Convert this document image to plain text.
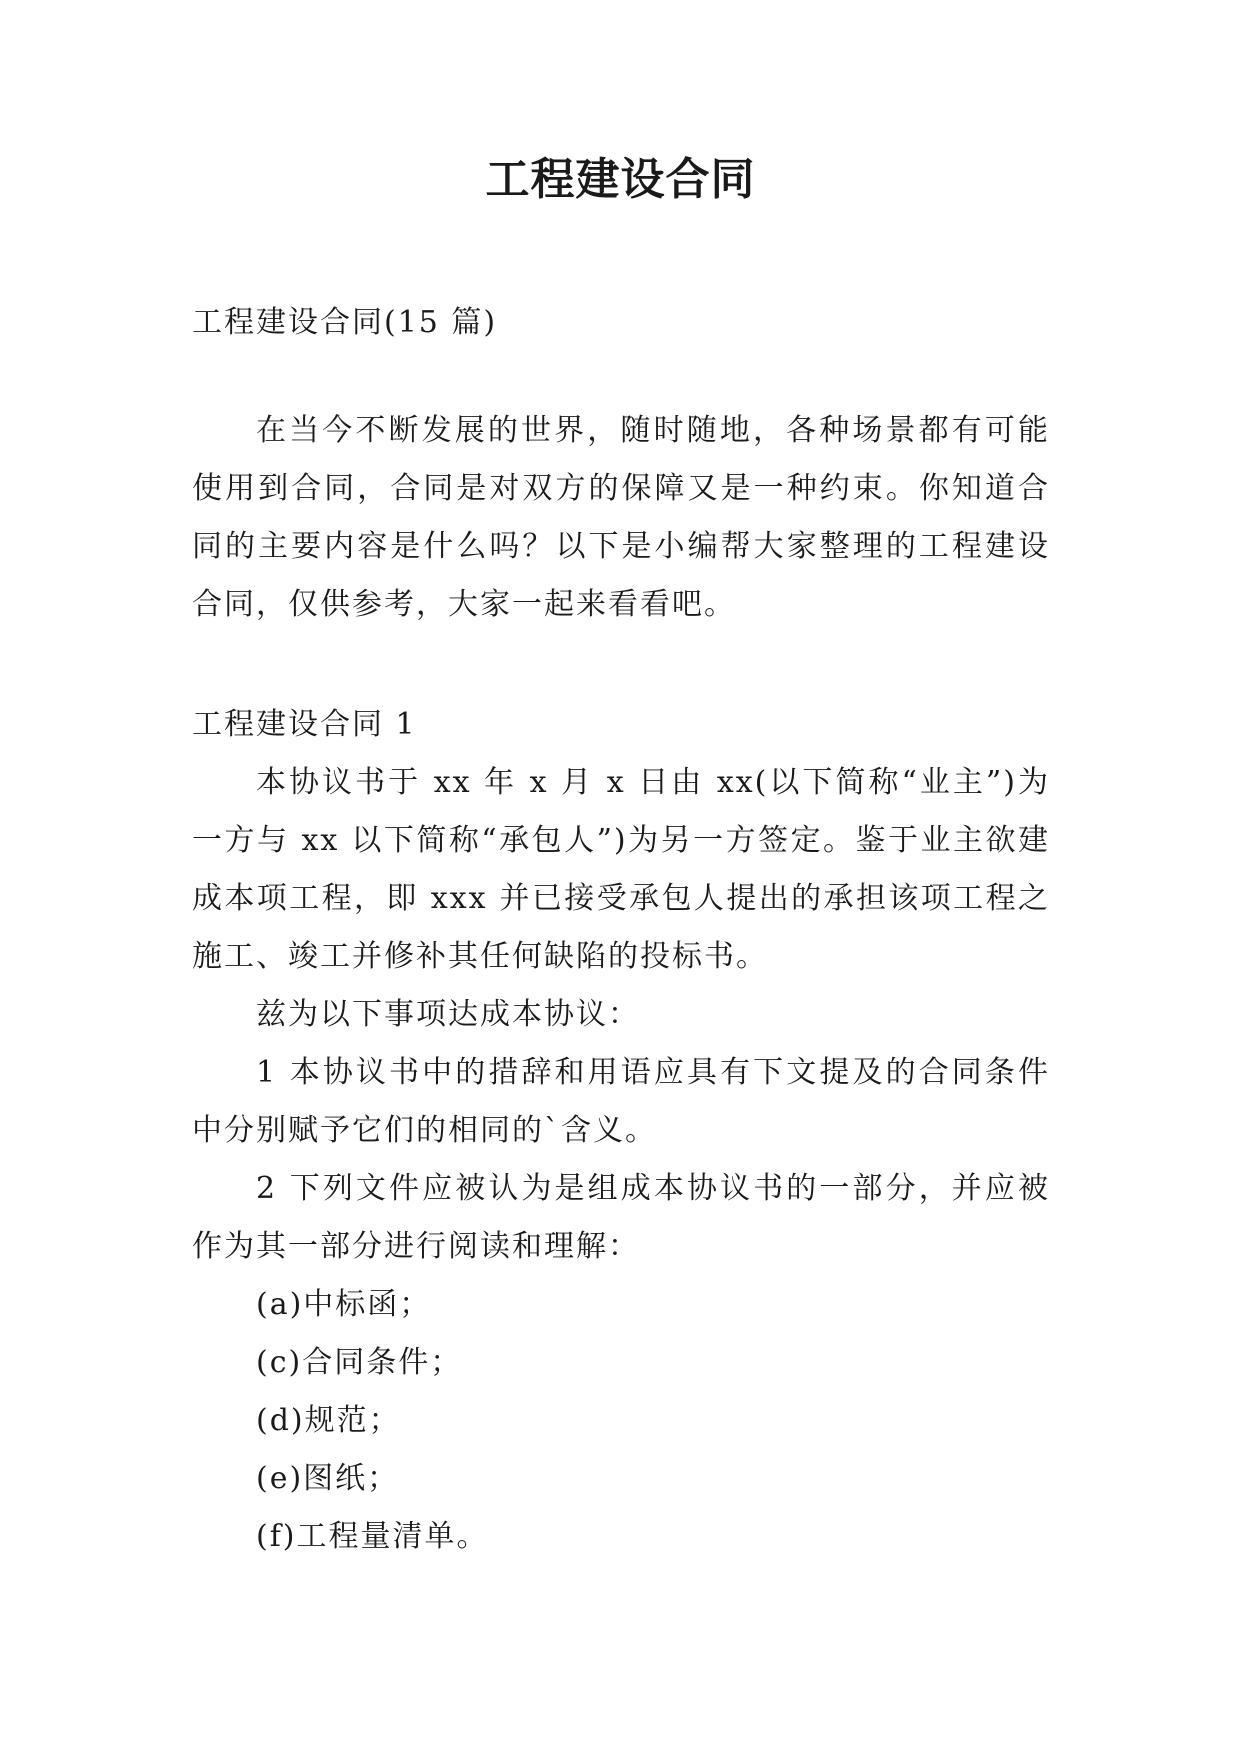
工程建设合同

工程建设合同(15 篇)

在当今不断发展的世界，随时随地，各种场景都有可能使用到合同，合同是对双方的保障又是一种约束。你知道合同的主要内容是什么吗？以下是小编帮大家整理的工程建设合同，仅供参考，大家一起来看看吧。

工程建设合同 1

本协议书于 xx 年 x 月 x 日由 xx(以下简称“业主”)为一方与 xx 以下简称“承包人”)为另一方签定。鉴于业主欲建成本项工程，即 xxx 并已接受承包人提出的承担该项工程之施工、竣工并修补其任何缺陷的投标书。

兹为以下事项达成本协议：

1 本协议书中的措辞和用语应具有下文提及的合同条件中分别赋予它们的相同的`含义。

2 下列文件应被认为是组成本协议书的一部分，并应被作为其一部分进行阅读和理解：

(a)中标函；

(c)合同条件；

(d)规范；

(e)图纸；

(f)工程量清单。
